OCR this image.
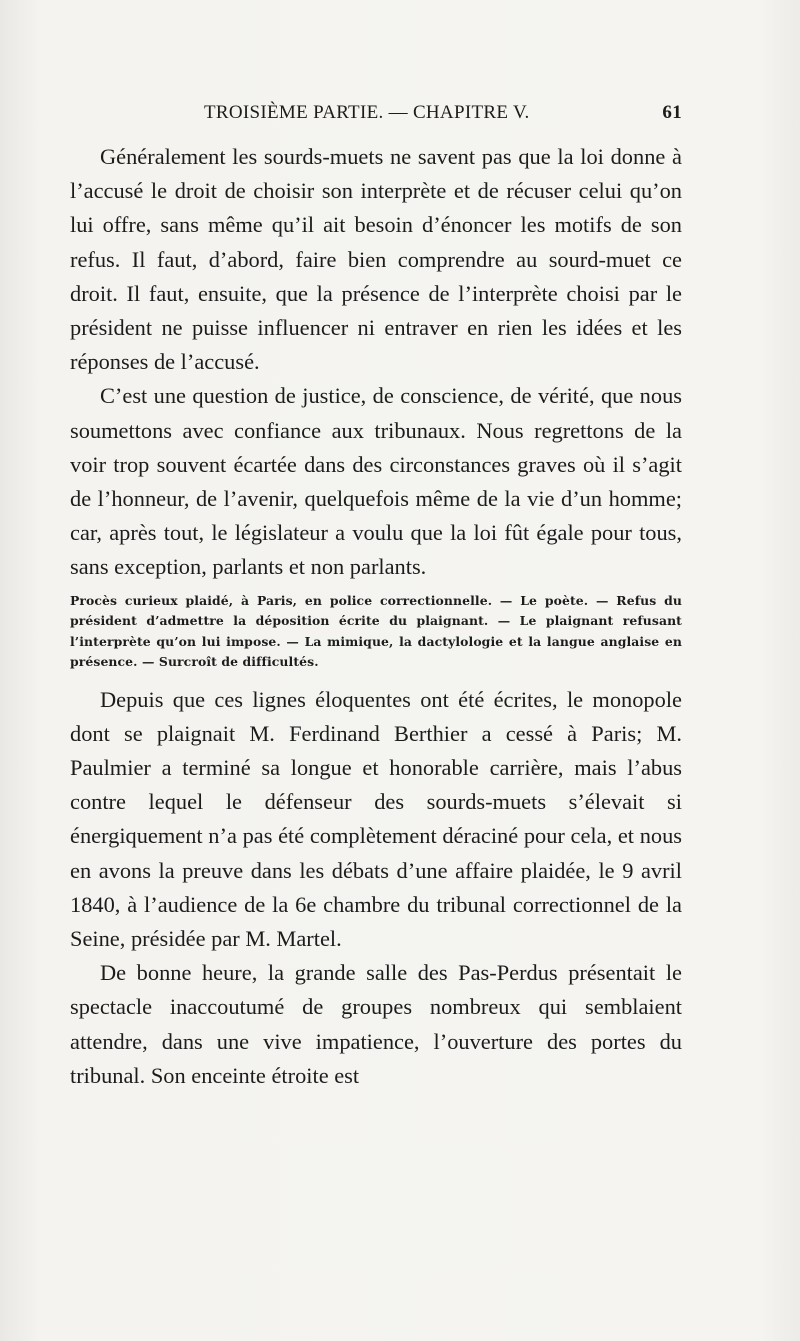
TROISIÈME PARTIE. — CHAPITRE V.	61

Généralement les sourds-muets ne savent pas que la loi donne à l’accusé le droit de choisir son interprète et de récuser celui qu’on lui offre, sans même qu’il ait besoin d’énoncer les motifs de son refus. Il faut, d’abord, faire bien comprendre au sourd-muet ce droit. Il faut, ensuite, que la présence de l’interprète choisi par le président ne puisse influencer ni entraver en rien les idées et les réponses de l’accusé.

C’est une question de justice, de conscience, de vérité, que nous soumettons avec confiance aux tribunaux. Nous regrettons de la voir trop souvent écartée dans des circonstances graves où il s’agit de l’honneur, de l’avenir, quelquefois même de la vie d’un homme; car, après tout, le législateur a voulu que la loi fût égale pour tous, sans exception, parlants et non parlants.

Procès curieux plaidé, à Paris, en police correctionnelle. — Le poète. — Refus du président d’admettre la déposition écrite du plaignant. — Le plaignant refusant l’interprète qu’on lui impose. — La mimique, la dactylologie et la langue anglaise en présence. — Surcroît de difficultés.

Depuis que ces lignes éloquentes ont été écrites, le monopole dont se plaignait M. Ferdinand Berthier a cessé à Paris; M. Paulmier a terminé sa longue et honorable carrière, mais l’abus contre lequel le défenseur des sourds-muets s’élevait si énergiquement n’a pas été complètement déraciné pour cela, et nous en avons la preuve dans les débats d’une affaire plaidée, le 9 avril 1840, à l’audience de la 6e chambre du tribunal correctionnel de la Seine, présidée par M. Martel.

De bonne heure, la grande salle des Pas-Perdus présentait le spectacle inaccoutumé de groupes nombreux qui semblaient attendre, dans une vive impatience, l’ouverture des portes du tribunal. Son enceinte étroite est
